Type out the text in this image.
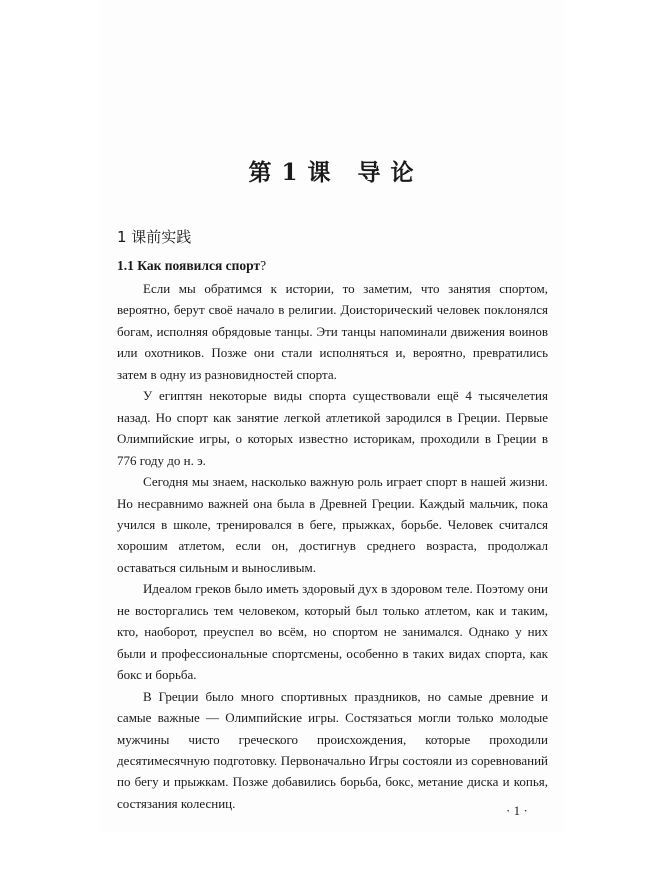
第 1 课 导 论
1 课前实践
1.1 Как появился спорт?

Если мы обратимся к истории, то заметим, что занятия спортом, вероятно, берут своё начало в религии. Доисторический человек поклонялся богам, исполняя обрядовые танцы. Эти танцы напоминали движения воинов или охотников. Позже они стали исполняться и, вероятно, превратились затем в одну из разновидностей спорта.

У египтян некоторые виды спорта существовали ещё 4 тысячелетия назад. Но спорт как занятие легкой атлетикой зародился в Греции. Первые Олимпийские игры, о которых известно историкам, проходили в Греции в 776 году до н. э.

Сегодня мы знаем, насколько важную роль играет спорт в нашей жизни. Но несравнимо важней она была в Древней Греции. Каждый мальчик, пока учился в школе, тренировался в беге, прыжках, борьбе. Человек считался хорошим атлетом, если он, достигнув среднего возраста, продолжал оставаться сильным и выносливым.

Идеалом греков было иметь здоровый дух в здоровом теле. Поэтому они не восторгались тем человеком, который был только атлетом, как и таким, кто, наоборот, преуспел во всём, но спортом не занимался. Однако у них были и профессиональные спортсмены, особенно в таких видах спорта, как бокс и борьба.

В Греции было много спортивных праздников, но самые древние и самые важные — Олимпийские игры. Состязаться могли только молодые мужчины чисто греческого происхождения, которые проходили десятимесячную подготовку. Первоначально Игры состояли из соревнований по бегу и прыжкам. Позже добавились борьба, бокс, метание диска и копья, состязания колесниц.	· 1 ·
